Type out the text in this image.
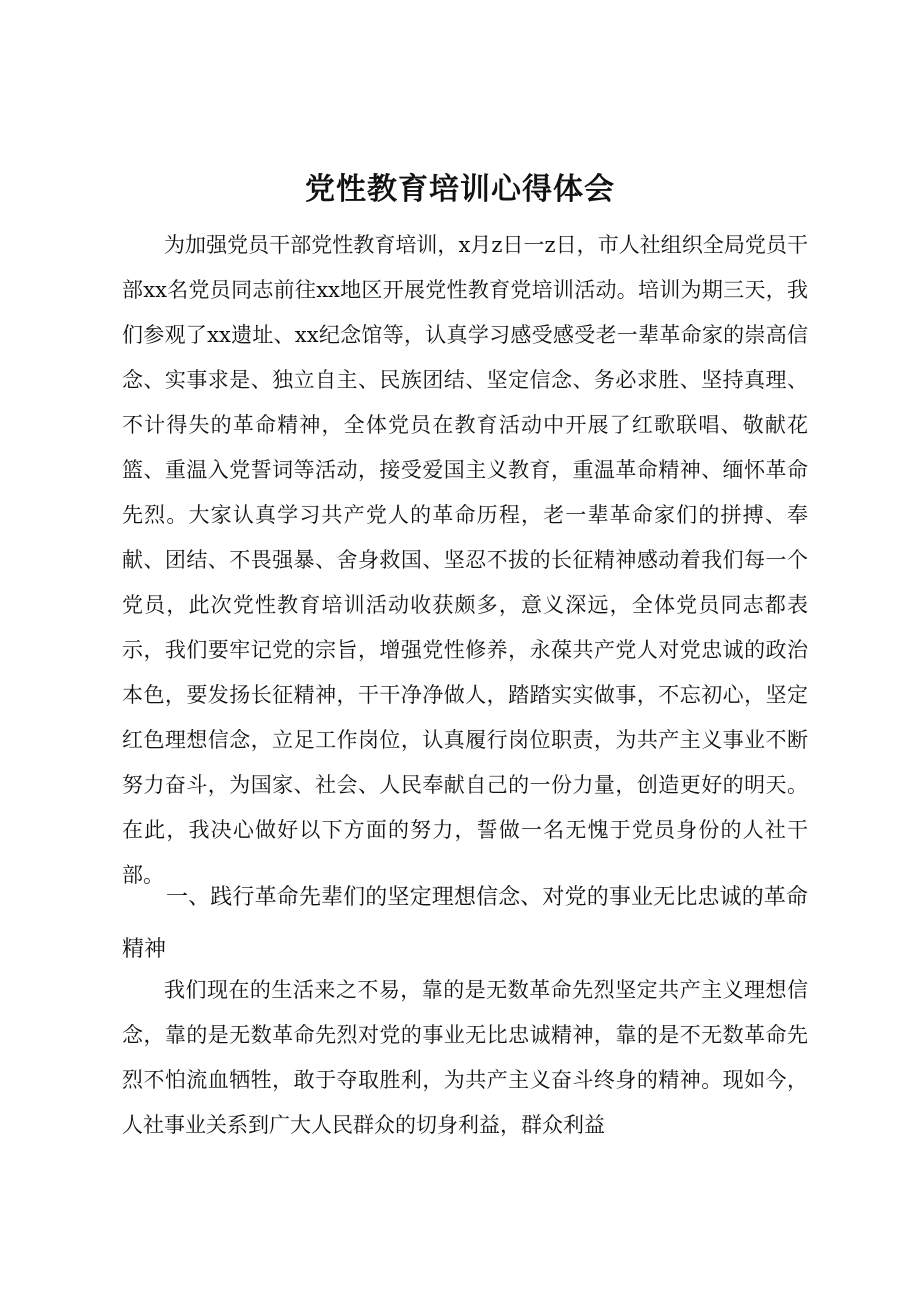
党性教育培训心得体会

为加强党员干部党性教育培训，x月z日一z日，市人社组织全局党员干部xx名党员同志前往xx地区开展党性教育党培训活动。培训为期三天，我们参观了xx遗址、xx纪念馆等，认真学习感受感受老一辈革命家的崇高信念、实事求是、独立自主、民族团结、坚定信念、务必求胜、坚持真理、不计得失的革命精神，全体党员在教育活动中开展了红歌联唱、敬献花篮、重温入党誓词等活动，接受爱国主义教育，重温革命精神、缅怀革命先烈。大家认真学习共产党人的革命历程，老一辈革命家们的拼搏、奉献、团结、不畏强暴、舍身救国、坚忍不拔的长征精神感动着我们每一个党员，此次党性教育培训活动收获颇多，意义深远，全体党员同志都表示，我们要牢记党的宗旨，增强党性修养，永葆共产党人对党忠诚的政治本色，要发扬长征精神，干干净净做人，踏踏实实做事，不忘初心，坚定红色理想信念，立足工作岗位，认真履行岗位职责，为共产主义事业不断努力奋斗，为国家、社会、人民奉献自己的一份力量，创造更好的明天。在此，我决心做好以下方面的努力，誓做一名无愧于党员身份的人社干部。

一、践行革命先辈们的坚定理想信念、对党的事业无比忠诚的革命精神

我们现在的生活来之不易，靠的是无数革命先烈坚定共产主义理想信念，靠的是无数革命先烈对党的事业无比忠诚精神，靠的是不无数革命先烈不怕流血牺牲，敢于夺取胜利，为共产主义奋斗终身的精神。现如今，人社事业关系到广大人民群众的切身利益，群众利益
